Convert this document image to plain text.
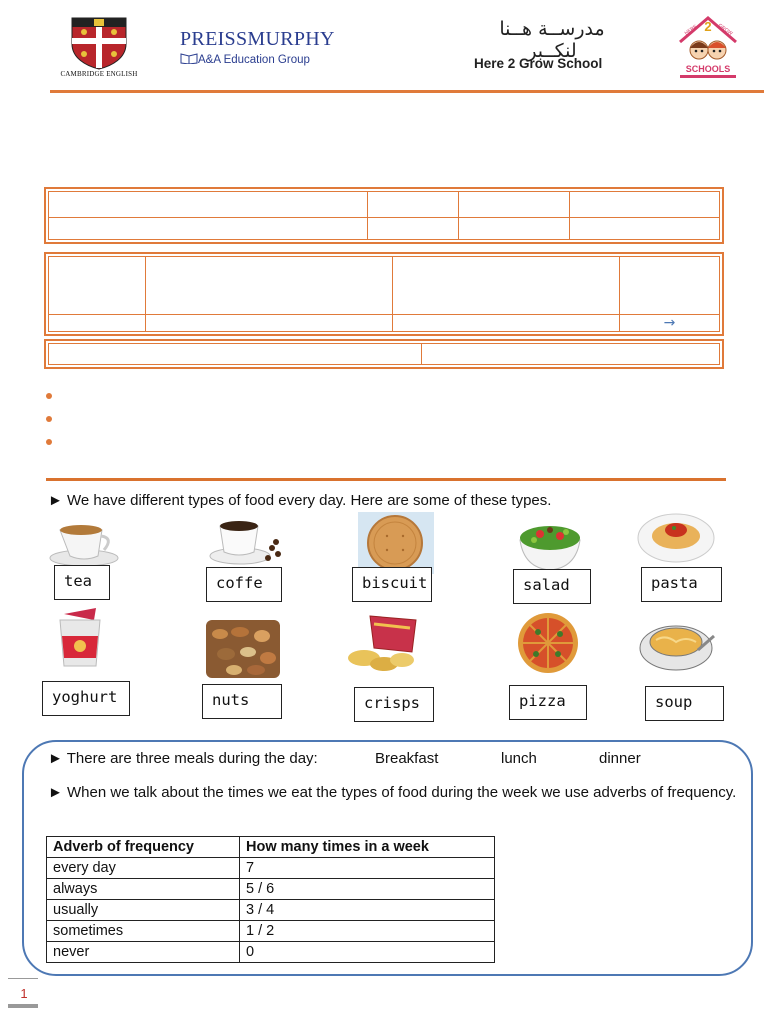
CAMBRIDGE ENGLISH
PREISSMURPHY
A&A Education Group
مدرســة هــنا لنكــبر
Here 2 Grow School
2
HERE	GROW
SCHOOLS

			→

► We have different types of food every day. Here are some of these types.
tea	coffe	biscuit	salad	pasta
yoghurt	nuts	crisps	pizza	soup
► There are three meals during the day:	Breakfast	lunch	dinner
► When we talk about the times we eat the types of food during the week we use adverbs of frequency.
Adverb of frequency	How many times in a week
every day	7
always	5 / 6
usually	3 / 4
sometimes	1 / 2
never	0
1
